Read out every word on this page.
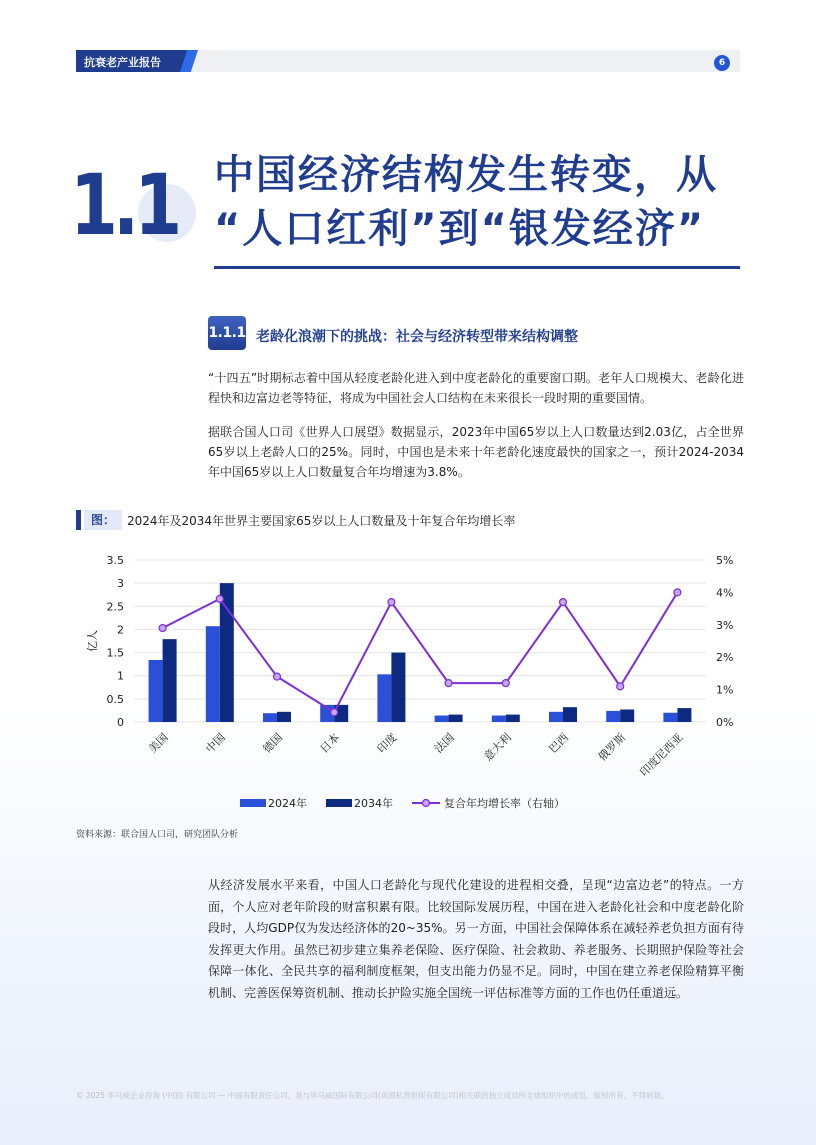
抗衰老产业报告	6
1.1 中国经济结构发生转变，从
“人口红利”到“银发经济”
1.1.1 老龄化浪潮下的挑战：社会与经济转型带来结构调整
“十四五”时期标志着中国从轻度老龄化进入到中度老龄化的重要窗口期。老年人口规模大、老龄化进程快和边富边老等特征，将成为中国社会人口结构在未来很长一段时期的重要国情。
据联合国人口司《世界人口展望》数据显示，2023年中国65岁以上人口数量达到2.03亿，占全世界65岁以上老龄人口的25%。同时，中国也是未来十年老龄化速度最快的国家之一，预计2024-2034年中国65岁以上人口数量复合年均增速为3.8%。
图：	2024年及2034年世界主要国家65岁以上人口数量及十年复合年均增长率
0
0.5
1
1.5
2
2.5
3
3.5
0%
1%
2%
3%
4%
5%
亿人
美国	中国	德国	日本	印度	法国 意大利	巴西 俄罗斯 印度尼西亚
2024年	2034年	复合年均增长率（右轴）
资料来源：联合国人口司，研究团队分析
从经济发展水平来看，中国人口老龄化与现代化建设的进程相交叠，呈现“边富边老”的特点。一方面，个人应对老年阶段的财富积累有限。比较国际发展历程，中国在进入老龄化社会和中度老龄化阶段时，人均GDP仅为发达经济体的20~35%。另一方面，中国社会保障体系在减轻养老负担方面有待发挥更大作用。虽然已初步建立集养老保险、医疗保险、社会救助、养老服务、长期照护保险等社会保障一体化、全民共享的福利制度框架，但支出能力仍显不足。同时，中国在建立养老保险精算平衡机制、完善医保筹资机制、推动长护险实施全国统一评估标准等方面的工作也仍任重道远。
© 2025 毕马威企业咨询 (中国) 有限公司 — 中国有限责任公司，是与毕马威国际有限公司(英国私营担保有限公司)相关联的独立成员所全球组织中的成员。版权所有，不得转载。
